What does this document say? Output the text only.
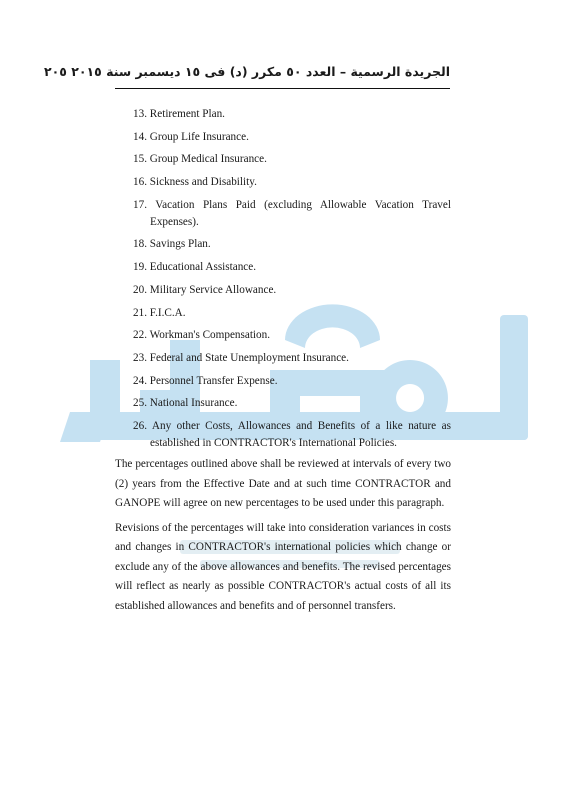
الجريدة الرسمية – العدد ٥٠ مكرر (د) فى ١٥ ديسمبر سنة ٢٠١٥ ٢٠٥
13. Retirement Plan.
14. Group Life Insurance.
15. Group Medical Insurance.
16. Sickness and Disability.
17. Vacation Plans Paid (excluding Allowable Vacation Travel Expenses).
18. Savings Plan.
19. Educational Assistance.
20. Military Service Allowance.
21. F.I.C.A.
22. Workman's Compensation.
23. Federal and State Unemployment Insurance.
24. Personnel Transfer Expense.
25. National Insurance.
26. Any other Costs, Allowances and Benefits of a like nature as established in CONTRACTOR's International Policies.

The percentages outlined above shall be reviewed at intervals of every two (2) years from the Effective Date and at such time CONTRACTOR and GANOPE will agree on new percentages to be used under this paragraph.

Revisions of the percentages will take into consideration variances in costs and changes in CONTRACTOR's international policies which change or exclude any of the above allowances and benefits. The revised percentages will reflect as nearly as possible CONTRACTOR's actual costs of all its established allowances and benefits and of personnel transfers.
